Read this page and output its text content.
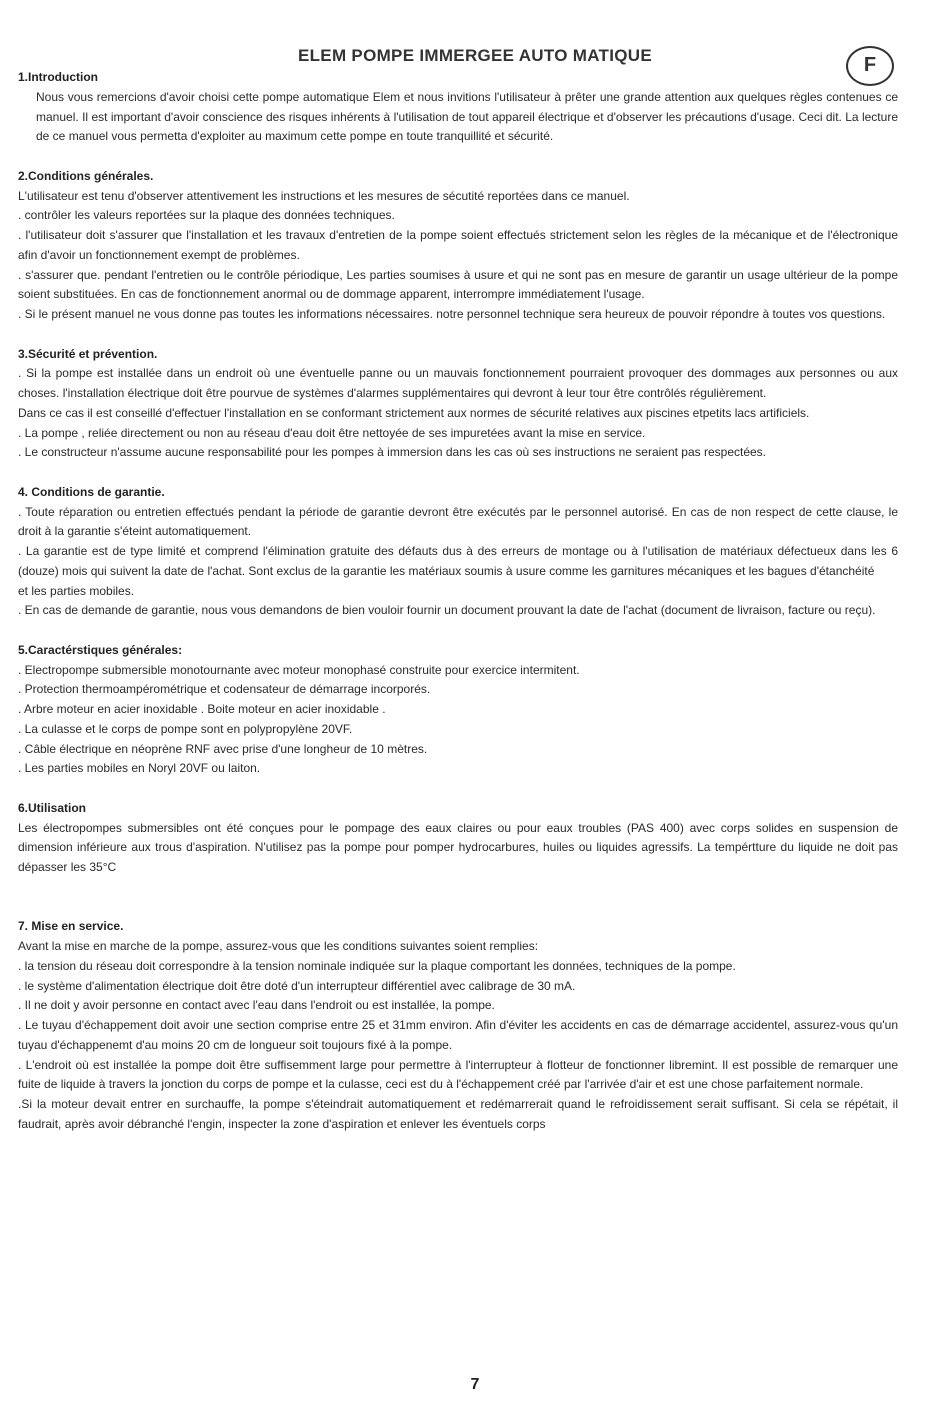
ELEM POMPE IMMERGEE AUTO MATIQUE	F
1.Introduction

Nous vous remercions d'avoir choisi cette pompe automatique Elem et nous invitions l'utilisateur à prêter une grande attention aux quelques règles contenues ce manuel. Il est important d'avoir conscience des risques inhérents à l'utilisation de tout appareil électrique et d'observer les précautions d'usage. Ceci dit. La lecture de ce manuel vous permetta d'exploiter au maximum cette pompe en toute tranquillité et sécurité.

2.Conditions générales.

L'utilisateur est tenu d'observer attentivement les instructions et les mesures de sécutité reportées dans ce manuel.

. contrôler les valeurs reportées sur la plaque des données techniques.

. l'utilisateur doit s'assurer que l'installation et les travaux d'entretien de la pompe soient effectués strictement selon les règles de la mécanique et de l'électronique afin d'avoir un fonctionnement exempt de problèmes.

. s'assurer que. pendant l'entretien ou le contrôle périodique, Les parties soumises à usure et qui ne sont pas en mesure de garantir un usage ultérieur de la pompe soient substituées. En cas de fonctionnement anormal ou de dommage apparent, interrompre immédiatement l'usage.

. Si le présent manuel ne vous donne pas toutes les informations nécessaires. notre personnel technique sera heureux de pouvoir répondre à toutes vos questions.

3.Sécurité et prévention.

. Si la pompe est installée dans un endroit où une éventuelle panne ou un mauvais fonctionnement pourraient provoquer des dommages aux personnes ou aux choses. l'installation électrique doit être pourvue de systèmes d'alarmes supplémentaires qui devront à leur tour être contrôlés régulièrement.

Dans ce cas il est conseillé d'effectuer l'installation en se conformant strictement aux normes de sécurité relatives aux piscines etpetits lacs artificiels.

. La pompe , reliée directement ou non au réseau d'eau doit être nettoyée de ses impuretées avant la mise en service.

. Le constructeur n'assume aucune responsabilité pour les pompes à immersion dans les cas où ses instructions ne seraient pas respectées.

4. Conditions de garantie.

. Toute réparation ou entretien effectués pendant la période de garantie devront être exécutés par le personnel autorisé. En cas de non respect de cette clause, le droit à la garantie s'éteint automatiquement.

. La garantie est de type limité et comprend l'élimination gratuite des défauts dus à des erreurs de montage ou à l'utilisation de matériaux défectueux dans les 6 (douze) mois qui suivent la date de l'achat. Sont exclus de la garantie les matériaux soumis à usure comme les garnitures mécaniques et les bagues d'étanchéité

et les parties mobiles.

. En cas de demande de garantie, nous vous demandons de bien vouloir fournir un document prouvant la date de l'achat (document de livraison, facture ou reçu).

5.Caractérstiques générales:

. Electropompe submersible monotournante avec moteur monophasé construite pour exercice intermitent.

. Protection thermoampérométrique et codensateur de démarrage incorporés.

. Arbre moteur en acier inoxidable . Boite moteur en acier inoxidable .

. La culasse et le corps de pompe sont en polypropylène 20VF.

. Câble électrique en néoprène RNF avec prise d'une longheur de 10 mètres.

. Les parties mobiles en Noryl 20VF ou laiton.

6.Utilisation

Les électropompes submersibles ont été conçues pour le pompage des eaux claires ou pour eaux troubles (PAS 400) avec corps solides en suspension de dimension inférieure aux trous d'aspiration. N'utilisez pas la pompe pour pomper hydrocarbures, huiles ou liquides agressifs. La tempértture du liquide ne doit pas dépasser les 35°C

7. Mise en service.

Avant la mise en marche de la pompe, assurez-vous que les conditions suivantes soient remplies:

. la tension du réseau doit correspondre à la tension nominale indiquée sur la plaque comportant les données, techniques de la pompe.

. le système d'alimentation électrique doit être doté d'un interrupteur différentiel avec calibrage de 30 mA.

. Il ne doit y avoir personne en contact avec l'eau dans l'endroit ou est installée, la pompe.

. Le tuyau d'échappement doit avoir une section comprise entre 25 et 31mm environ. Afin d'éviter les accidents en cas de démarrage accidentel, assurez-vous qu'un tuyau d'échappenemt d'au moins 20 cm de longueur soit toujours fixé à la pompe.

. L'endroit où est installée la pompe doit être suffisemment large pour permettre à l'interrupteur à flotteur de fonctionner libremint. Il est possible de remarquer une fuite de liquide à travers la jonction du corps de pompe et la culasse, ceci est du à l'échappement créé par l'arrivée d'air et est une chose parfaitement normale.

.Si la moteur devait entrer en surchauffe, la pompe s'éteindrait automatiquement et redémarrerait quand le refroidissement serait suffisant. Si cela se répétait, il faudrait, après avoir débranché l'engin, inspecter la zone d'aspiration et enlever les éventuels corps

7
